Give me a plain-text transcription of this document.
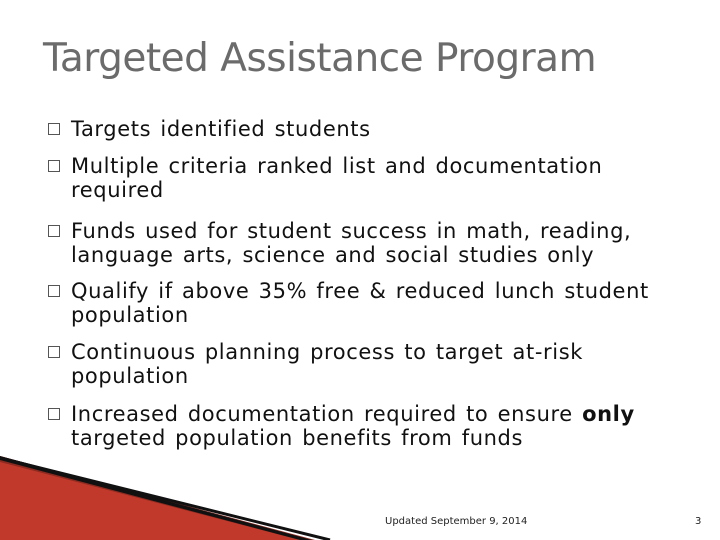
Targeted Assistance Program
Targets identified students
Multiple criteria ranked list and documentation
required
Funds used for student success in math, reading,
language arts, science and social studies only
Qualify if above 35% free & reduced lunch student
population
Continuous planning process to target at-risk
population
Increased documentation required to ensure only
targeted population benefits from funds
Updated September 9, 2014	3
